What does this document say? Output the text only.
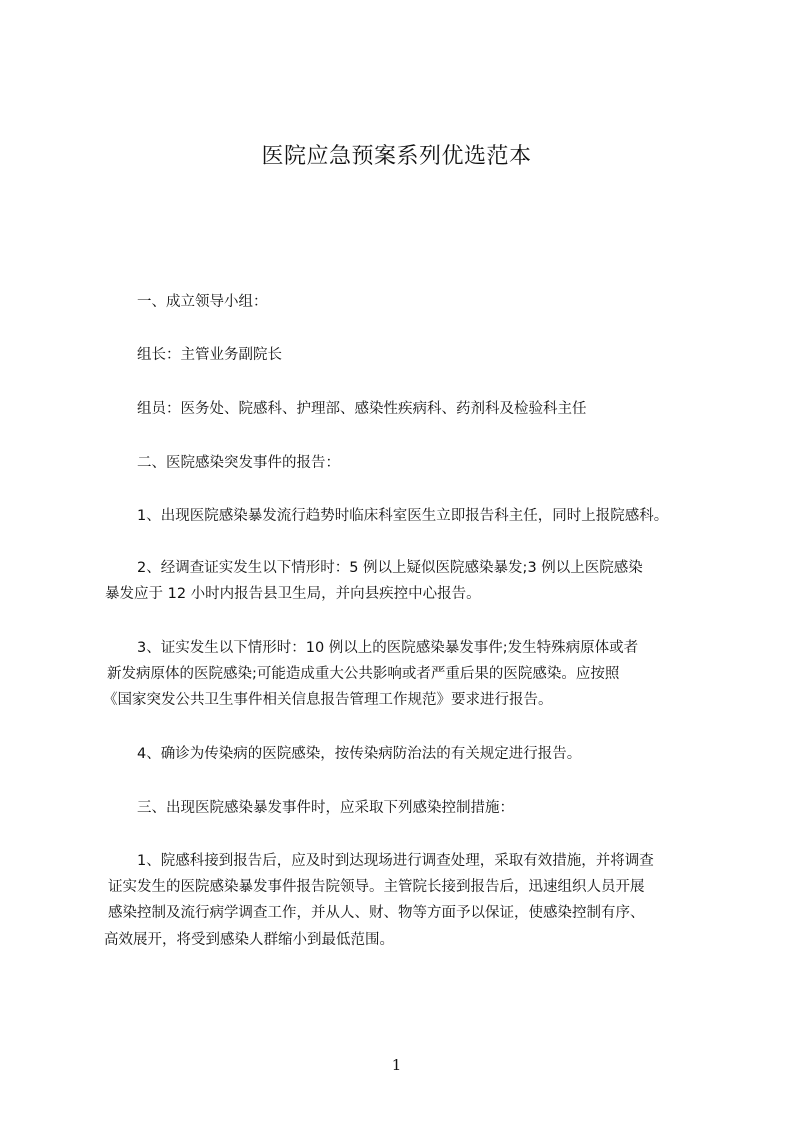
医院应急预案系列优选范本
一、成立领导小组：
组长：主管业务副院长
组员：医务处、院感科、护理部、感染性疾病科、药剂科及检验科主任
二、医院感染突发事件的报告：
1、出现医院感染暴发流行趋势时临床科室医生立即报告科主任，同时上报院感科。
2、经调查证实发生以下情形时：5 例以上疑似医院感染暴发;3 例以上医院感染
暴发应于 12 小时内报告县卫生局，并向县疾控中心报告。
3、证实发生以下情形时：10 例以上的医院感染暴发事件;发生特殊病原体或者
新发病原体的医院感染;可能造成重大公共影响或者严重后果的医院感染。应按照
《国家突发公共卫生事件相关信息报告管理工作规范》要求进行报告。
4、确诊为传染病的医院感染，按传染病防治法的有关规定进行报告。
三、出现医院感染暴发事件时，应采取下列感染控制措施：
1、院感科接到报告后，应及时到达现场进行调查处理，采取有效措施，并将调查
证实发生的医院感染暴发事件报告院领导。主管院长接到报告后，迅速组织人员开展
感染控制及流行病学调查工作，并从人、财、物等方面予以保证，使感染控制有序、
高效展开，将受到感染人群缩小到最低范围。
1
